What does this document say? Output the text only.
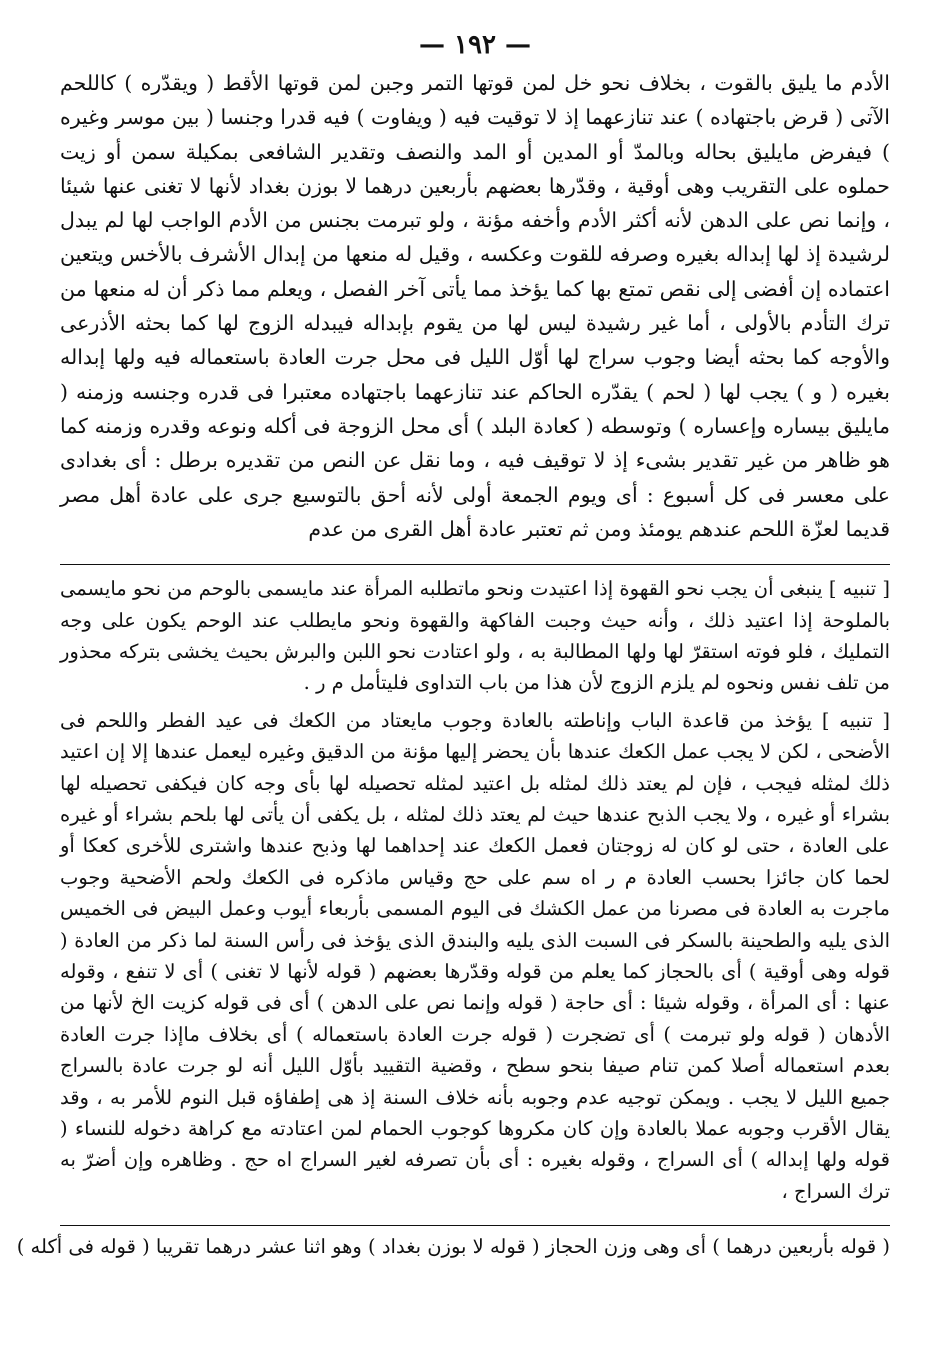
— ١٩٢ —

الأدم ما يليق بالقوت ، بخلاف نحو خل لمن قوتها التمر وجبن لمن قوتها الأقط ( ويقدّره ) كاللحم الآتى ( قرض باجتهاده ) عند تنازعهما إذ لا توقيت فيه ( ويفاوت ) فيه قدرا وجنسا ( بين موسر وغيره ) فيفرض مايليق بحاله وبالمدّ أو المدين أو المد والنصف وتقدير الشافعى بمكيلة سمن أو زيت حملوه على التقريب وهى أوقية ، وقدّرها بعضهم بأربعين درهما لا بوزن بغداد لأنها لا تغنى عنها شيئا ، وإنما نص على الدهن لأنه أكثر الأدم وأخفه مؤنة ، ولو تبرمت بجنس من الأدم الواجب لها لم يبدل لرشيدة إذ لها إبداله بغيره وصرفه للقوت وعكسه ، وقيل له منعها من إبدال الأشرف بالأخس ويتعين اعتماده إن أفضى إلى نقص تمتع بها كما يؤخذ مما يأتى آخر الفصل ، ويعلم مما ذكر أن له منعها من ترك التأدم بالأولى ، أما غير رشيدة ليس لها من يقوم بإبداله فيبدله الزوج لها كما بحثه الأذرعى والأوجه كما بحثه أيضا وجوب سراج لها أوّل الليل فى محل جرت العادة باستعماله فيه ولها إبداله بغيره ( و ) يجب لها ( لحم ) يقدّره الحاكم عند تنازعهما باجتهاده معتبرا فى قدره وجنسه وزمنه ( مايليق بيساره وإعساره ) وتوسطه ( كعادة البلد ) أى محل الزوجة فى أكله ونوعه وقدره وزمنه كما هو ظاهر من غير تقدير بشىء إذ لا توقيف فيه ، وما نقل عن النص من تقديره برطل : أى بغدادى على معسر فى كل أسبوع : أى ويوم الجمعة أولى لأنه أحق بالتوسيع جرى على عادة أهل مصر قديما لعزّة اللحم عندهم يومئذ ومن ثم تعتبر عادة أهل القرى من عدم

[ تنبيه ] ينبغى أن يجب نحو القهوة إذا اعتيدت ونحو ماتطلبه المرأة عند مايسمى بالوحم من نحو مايسمى بالملوحة إذا اعتيد ذلك ، وأنه حيث وجبت الفاكهة والقهوة ونحو مايطلب عند الوحم يكون على وجه التمليك ، فلو فوته استقرّ لها ولها المطالبة به ، ولو اعتادت نحو اللبن والبرش بحيث يخشى بتركه محذور من تلف نفس ونحوه لم يلزم الزوج لأن هذا من باب التداوى فليتأمل م ر .

[ تنبيه ] يؤخذ من قاعدة الباب وإناطته بالعادة وجوب مايعتاد من الكعك فى عيد الفطر واللحم فى الأضحى ، لكن لا يجب عمل الكعك عندها بأن يحضر إليها مؤنة من الدقيق وغيره ليعمل عندها إلا إن اعتيد ذلك لمثله فيجب ، فإن لم يعتد ذلك لمثله بل اعتيد لمثله تحصيله لها بأى وجه كان فيكفى تحصيله لها بشراء أو غيره ، ولا يجب الذبح عندها حيث لم يعتد ذلك لمثله ، بل يكفى أن يأتى لها بلحم بشراء أو غيره على العادة ، حتى لو كان له زوجتان فعمل الكعك عند إحداهما لها وذبح عندها واشترى للأخرى كعكا أو لحما كان جائزا بحسب العادة م ر اه سم على حج وقياس ماذكره فى الكعك ولحم الأضحية وجوب ماجرت به العادة فى مصرنا من عمل الكشك فى اليوم المسمى بأربعاء أيوب وعمل البيض فى الخميس الذى يليه والطحينة بالسكر فى السبت الذى يليه والبندق الذى يؤخذ فى رأس السنة لما ذكر من العادة ( قوله وهى أوقية ) أى بالحجاز كما يعلم من قوله وقدّرها بعضهم ( قوله لأنها لا تغنى ) أى لا تنفع ، وقوله عنها : أى المرأة ، وقوله شيئا : أى حاجة ( قوله وإنما نص على الدهن ) أى فى قوله كزيت الخ لأنها من الأدهان ( قوله ولو تبرمت ) أى تضجرت ( قوله جرت العادة باستعماله ) أى بخلاف ماإذا جرت العادة بعدم استعماله أصلا كمن تنام صيفا بنحو سطح ، وقضية التقييد بأوّل الليل أنه لو جرت عادة بالسراج جميع الليل لا يجب . ويمكن توجيه عدم وجوبه بأنه خلاف السنة إذ هى إطفاؤه قبل النوم للأمر به ، وقد يقال الأقرب وجوبه عملا بالعادة وإن كان مكروها كوجوب الحمام لمن اعتادته مع كراهة دخوله للنساء ( قوله ولها إبداله ) أى السراج ، وقوله بغيره : أى بأن تصرفه لغير السراج اه حج . وظاهره وإن أضرّ به ترك السراج ،

( قوله بأربعين درهما ) أى وهى وزن الحجاز ( قوله لا بوزن بغداد ) وهو اثنا عشر درهما تقريبا ( قوله فى أكله )
